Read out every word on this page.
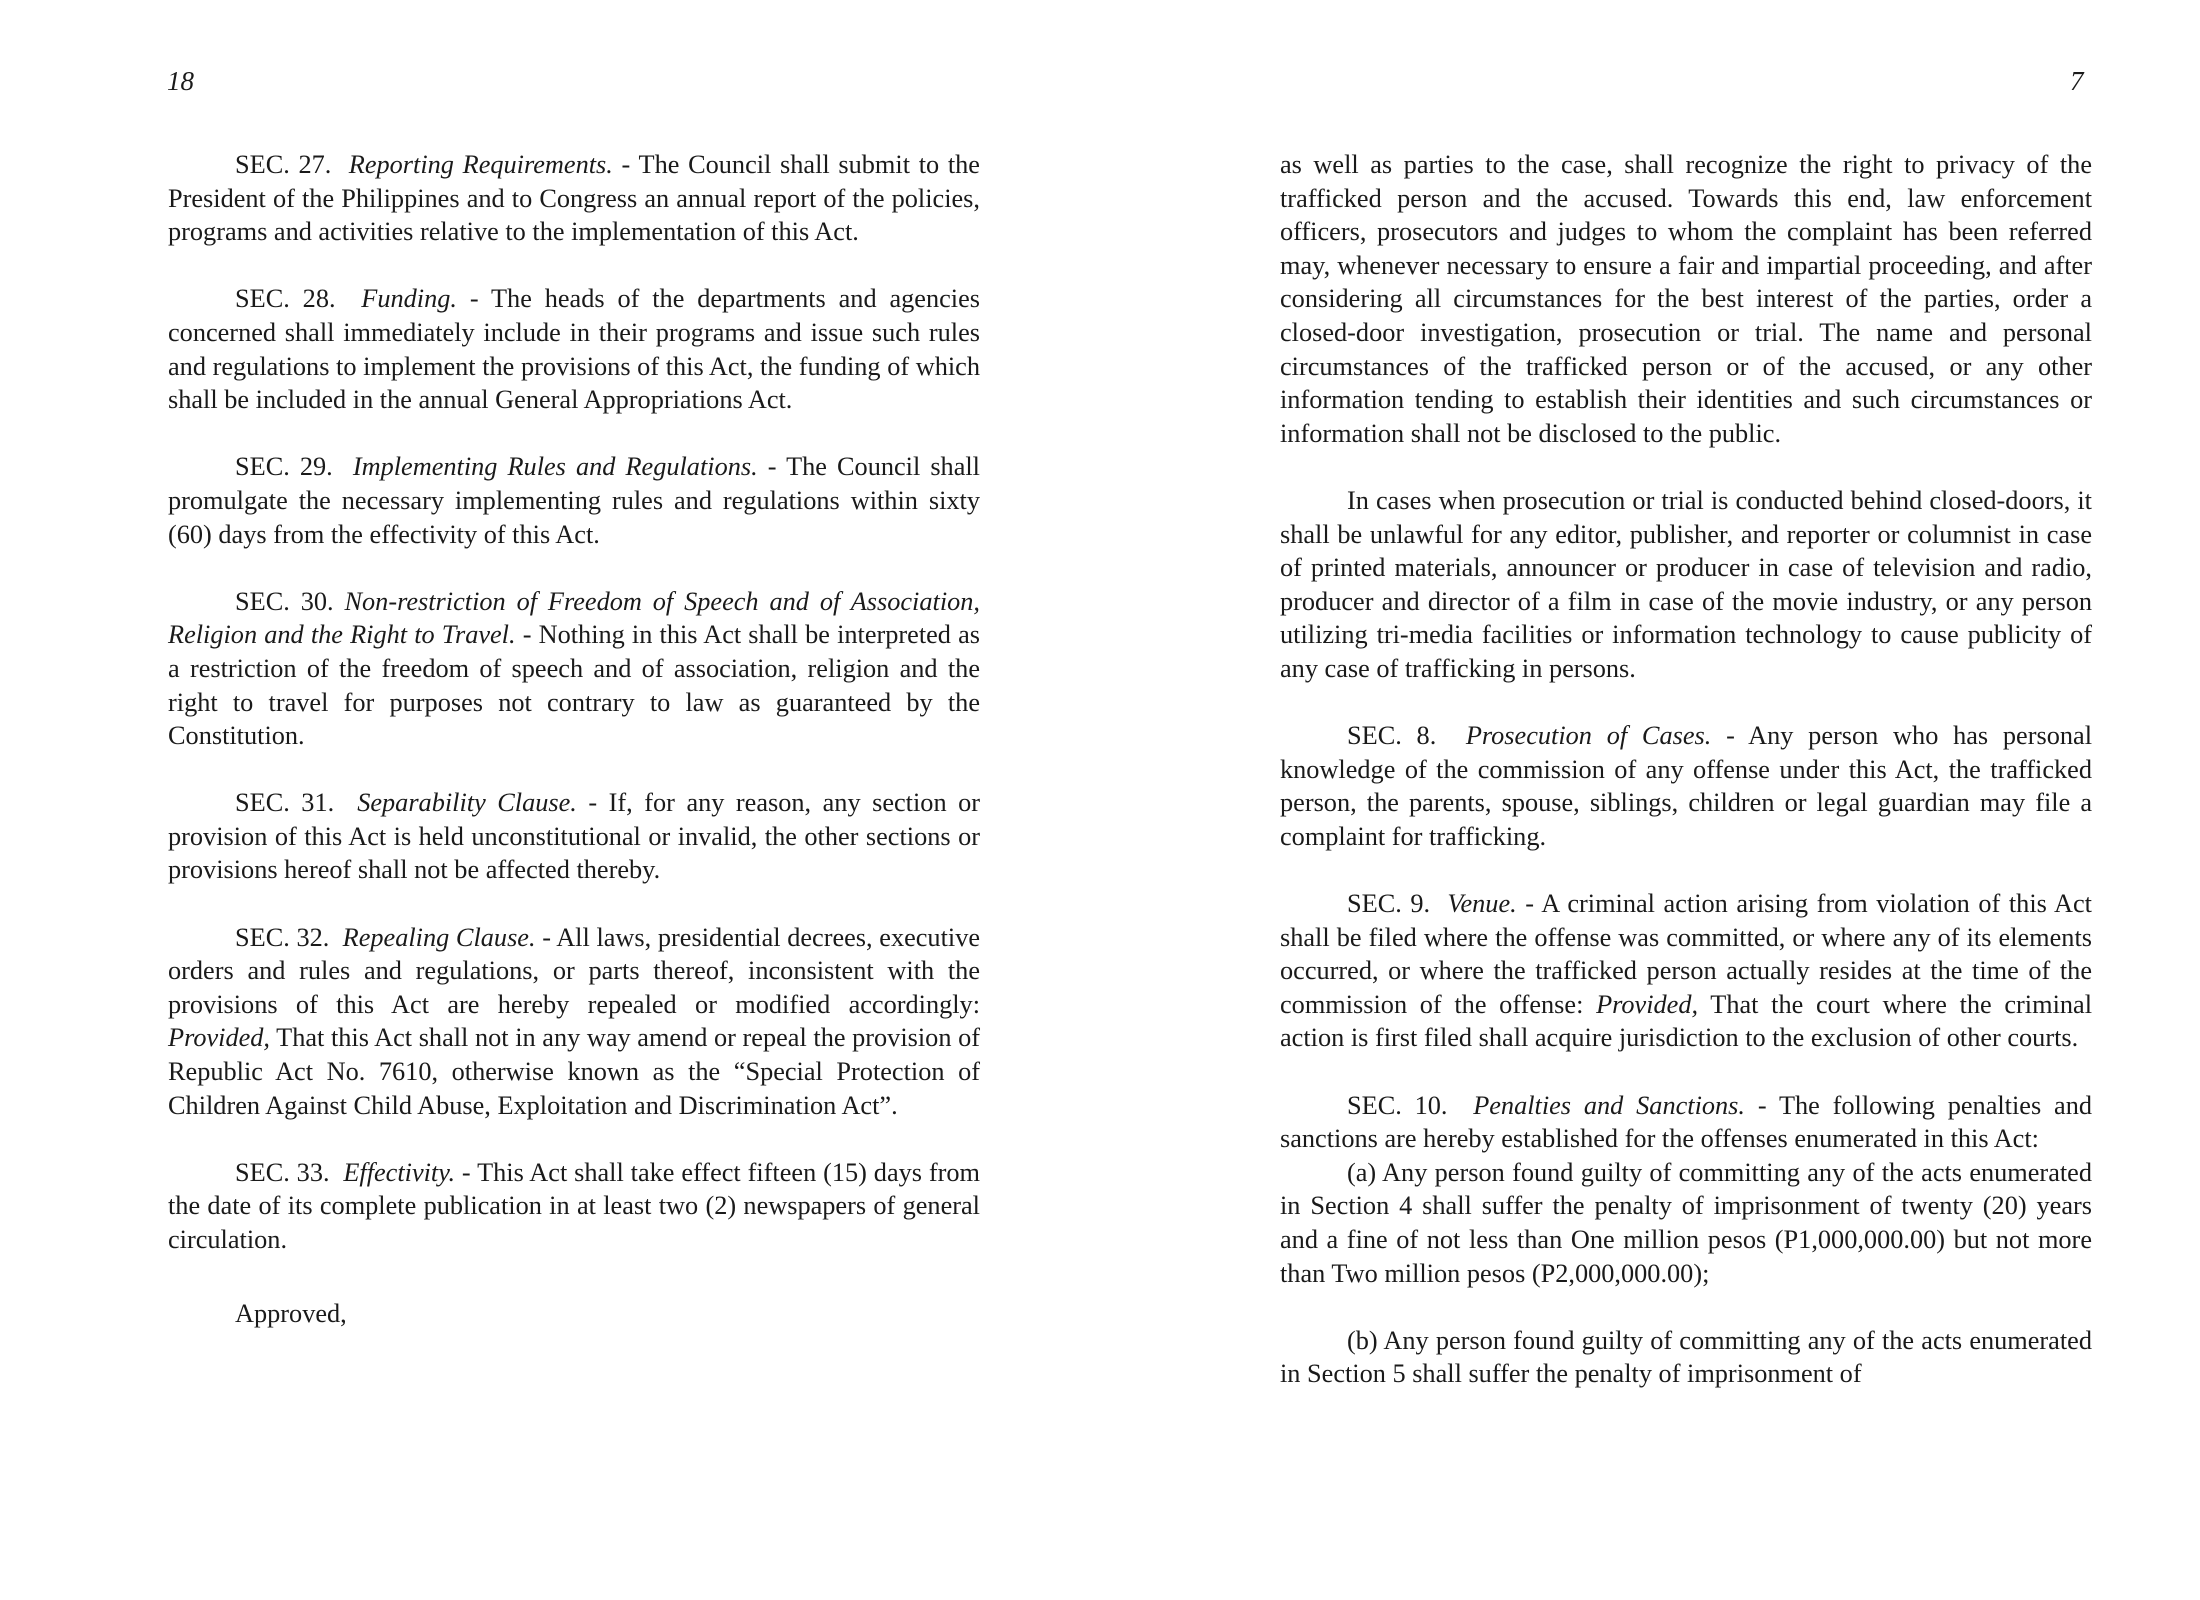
18

SEC. 27. Reporting Requirements. - The Council shall submit to the President of the Philippines and to Congress an annual report of the policies, programs and activities relative to the implementation of this Act.

SEC. 28. Funding. - The heads of the departments and agencies concerned shall immediately include in their programs and issue such rules and regulations to implement the provisions of this Act, the funding of which shall be included in the annual General Appropriations Act.

SEC. 29. Implementing Rules and Regulations. - The Council shall promulgate the necessary implementing rules and regulations within sixty (60) days from the effectivity of this Act.

SEC. 30. Non-restriction of Freedom of Speech and of Association, Religion and the Right to Travel. - Nothing in this Act shall be interpreted as a restriction of the freedom of speech and of association, religion and the right to travel for purposes not contrary to law as guaranteed by the Constitution.

SEC. 31. Separability Clause. - If, for any reason, any section or provision of this Act is held unconstitutional or invalid, the other sections or provisions hereof shall not be affected thereby.

SEC. 32. Repealing Clause. - All laws, presidential decrees, executive orders and rules and regulations, or parts thereof, inconsistent with the provisions of this Act are hereby repealed or modified accordingly: Provided, That this Act shall not in any way amend or repeal the provision of Republic Act No. 7610, otherwise known as the “Special Protection of Children Against Child Abuse, Exploitation and Discrimination Act”.

SEC. 33. Effectivity. - This Act shall take effect fifteen (15) days from the date of its complete publication in at least two (2) newspapers of general circulation.

Approved,

7

as well as parties to the case, shall recognize the right to privacy of the trafficked person and the accused. Towards this end, law enforcement officers, prosecutors and judges to whom the complaint has been referred may, whenever necessary to ensure a fair and impartial proceeding, and after considering all circumstances for the best interest of the parties, order a closed-door investigation, prosecution or trial. The name and personal circumstances of the trafficked person or of the accused, or any other information tending to establish their identities and such circumstances or information shall not be disclosed to the public.

In cases when prosecution or trial is conducted behind closed-doors, it shall be unlawful for any editor, publisher, and reporter or columnist in case of printed materials, announcer or producer in case of television and radio, producer and director of a film in case of the movie industry, or any person utilizing tri-media facilities or information technology to cause publicity of any case of trafficking in persons.

SEC. 8. Prosecution of Cases. - Any person who has personal knowledge of the commission of any offense under this Act, the trafficked person, the parents, spouse, siblings, children or legal guardian may file a complaint for trafficking.

SEC. 9. Venue. - A criminal action arising from violation of this Act shall be filed where the offense was committed, or where any of its elements occurred, or where the trafficked person actually resides at the time of the commission of the offense: Provided, That the court where the criminal action is first filed shall acquire jurisdiction to the exclusion of other courts.

SEC. 10. Penalties and Sanctions. - The following penalties and sanctions are hereby established for the offenses enumerated in this Act:

(a) Any person found guilty of committing any of the acts enumerated in Section 4 shall suffer the penalty of imprisonment of twenty (20) years and a fine of not less than One million pesos (P1,000,000.00) but not more than Two million pesos (P2,000,000.00);

(b) Any person found guilty of committing any of the acts enumerated in Section 5 shall suffer the penalty of imprisonment of
